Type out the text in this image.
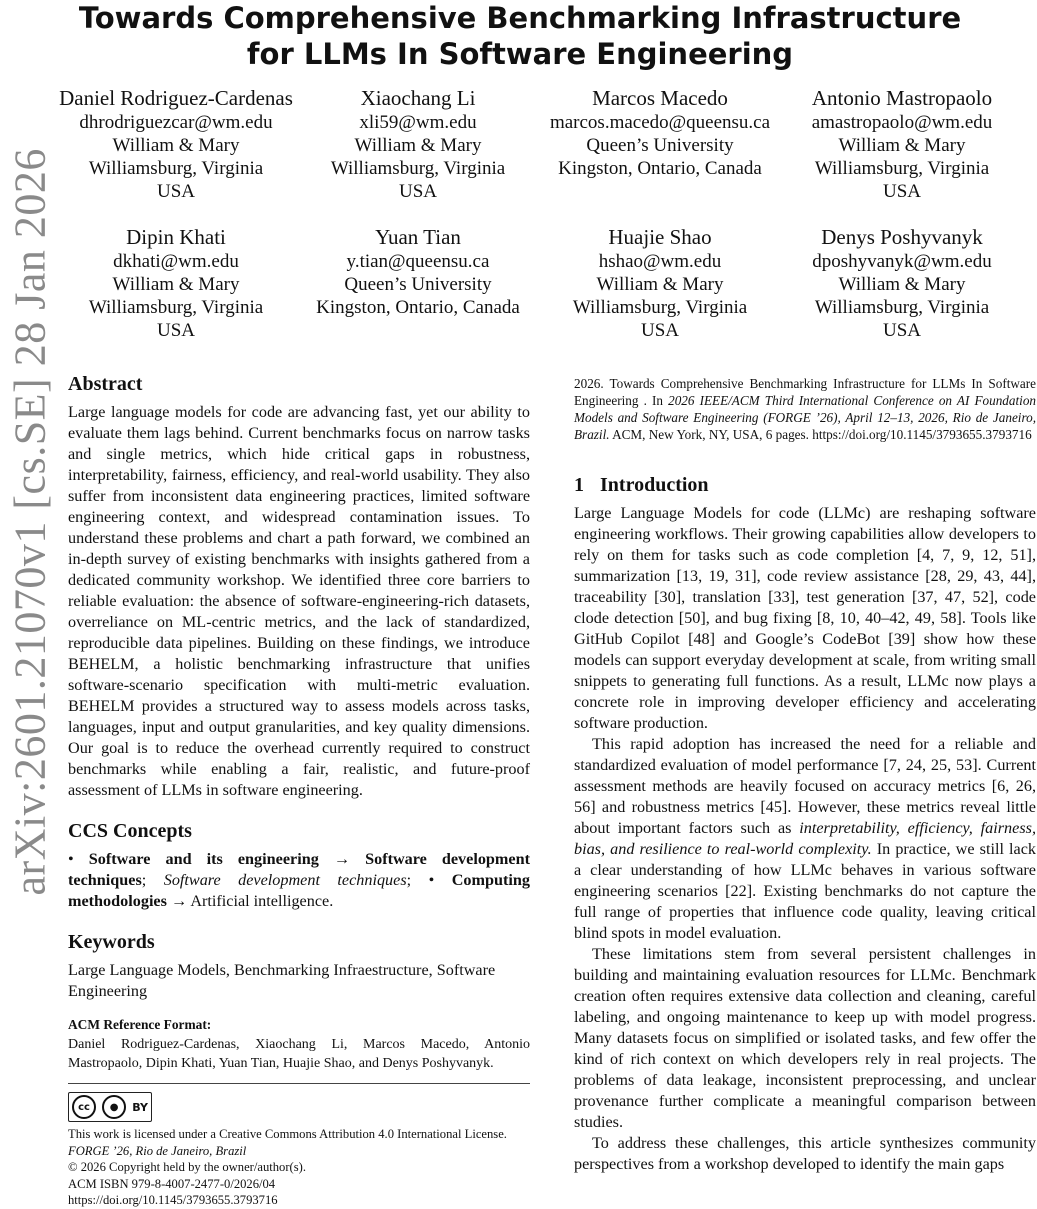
arXiv:2601.21070v1 [cs.SE] 28 Jan 2026
Towards Comprehensive Benchmarking Infrastructure for LLMs In Software Engineering
Daniel Rodriguez-Cardenas
dhrodriguezcar@wm.edu
William & Mary
Williamsburg, Virginia
USA
Xiaochang Li
xli59@wm.edu
William & Mary
Williamsburg, Virginia
USA
Marcos Macedo
marcos.macedo@queensu.ca
Queen’s University
Kingston, Ontario, Canada
Antonio Mastropaolo
amastropaolo@wm.edu
William & Mary
Williamsburg, Virginia
USA
Dipin Khati
dkhati@wm.edu
William & Mary
Williamsburg, Virginia
USA
Yuan Tian
y.tian@queensu.ca
Queen’s University
Kingston, Ontario, Canada
Huajie Shao
hshao@wm.edu
William & Mary
Williamsburg, Virginia
USA
Denys Poshyvanyk
dposhyvanyk@wm.edu
William & Mary
Williamsburg, Virginia
USA
Abstract

Large language models for code are advancing fast, yet our ability to evaluate them lags behind. Current benchmarks focus on narrow tasks and single metrics, which hide critical gaps in robustness, interpretability, fairness, efficiency, and real-world usability. They also suffer from inconsistent data engineering practices, limited software engineering context, and widespread contamination issues. To understand these problems and chart a path forward, we combined an in-depth survey of existing benchmarks with insights gathered from a dedicated community workshop. We identified three core barriers to reliable evaluation: the absence of software-engineering-rich datasets, overreliance on ML-centric metrics, and the lack of standardized, reproducible data pipelines. Building on these findings, we introduce BEHELM, a holistic benchmarking infrastructure that unifies software-scenario specification with multi-metric evaluation. BEHELM provides a structured way to assess models across tasks, languages, input and output granularities, and key quality dimensions. Our goal is to reduce the overhead currently required to construct benchmarks while enabling a fair, realistic, and future-proof assessment of LLMs in software engineering.

CCS Concepts

• Software and its engineering → Software development techniques; Software development techniques; • Computing methodologies → Artificial intelligence.

Keywords

Large Language Models, Benchmarking Infraestructure, Software Engineering

ACM Reference Format:

Daniel Rodriguez-Cardenas, Xiaochang Li, Marcos Macedo, Antonio Mastropaolo, Dipin Khati, Yuan Tian, Huajie Shao, and Denys Poshyvanyk.

cc	●	BY
This work is licensed under a Creative Commons Attribution 4.0 International License.
FORGE ’26, Rio de Janeiro, Brazil
© 2026 Copyright held by the owner/author(s).
ACM ISBN 979-8-4007-2477-0/2026/04
https://doi.org/10.1145/3793655.3793716

2026. Towards Comprehensive Benchmarking Infrastructure for LLMs In Software Engineering . In 2026 IEEE/ACM Third International Conference on AI Foundation Models and Software Engineering (FORGE ’26), April 12–13, 2026, Rio de Janeiro, Brazil. ACM, New York, NY, USA, 6 pages. https://doi.org/10.1145/3793655.3793716

1 Introduction

Large Language Models for code (LLMc) are reshaping software engineering workflows. Their growing capabilities allow developers to rely on them for tasks such as code completion [4, 7, 9, 12, 51], summarization [13, 19, 31], code review assistance [28, 29, 43, 44], traceability [30], translation [33], test generation [37, 47, 52], code clode detection [50], and bug fixing [8, 10, 40–42, 49, 58]. Tools like GitHub Copilot [48] and Google’s CodeBot [39] show how these models can support everyday development at scale, from writing small snippets to generating full functions. As a result, LLMc now plays a concrete role in improving developer efficiency and accelerating software production.

This rapid adoption has increased the need for a reliable and standardized evaluation of model performance [7, 24, 25, 53]. Current assessment methods are heavily focused on accuracy metrics [6, 26, 56] and robustness metrics [45]. However, these metrics reveal little about important factors such as interpretability, efficiency, fairness, bias, and resilience to real-world complexity. In practice, we still lack a clear understanding of how LLMc behaves in various software engineering scenarios [22]. Existing benchmarks do not capture the full range of properties that influence code quality, leaving critical blind spots in model evaluation.

These limitations stem from several persistent challenges in building and maintaining evaluation resources for LLMc. Benchmark creation often requires extensive data collection and cleaning, careful labeling, and ongoing maintenance to keep up with model progress. Many datasets focus on simplified or isolated tasks, and few offer the kind of rich context on which developers rely in real projects. The problems of data leakage, inconsistent preprocessing, and unclear provenance further complicate a meaningful comparison between studies.

To address these challenges, this article synthesizes community perspectives from a workshop developed to identify the main gaps
